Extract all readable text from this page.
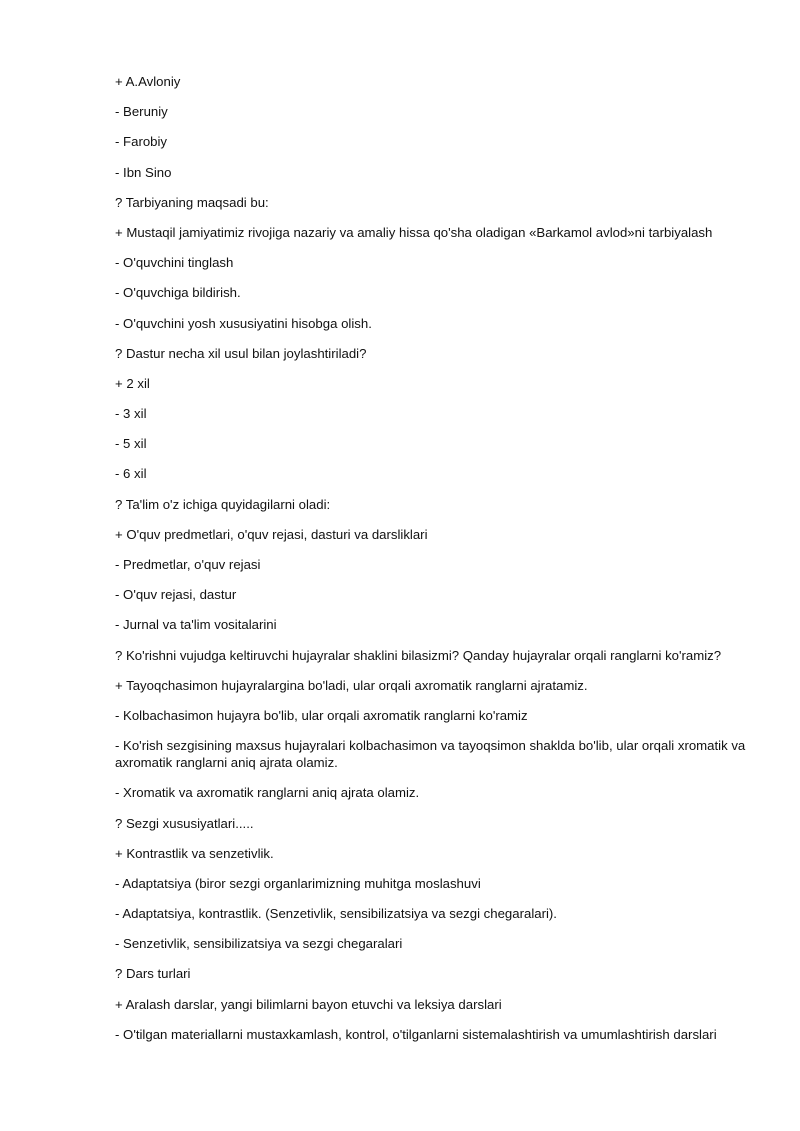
+ A.Avloniy

- Beruniy

- Farobiy

- Ibn Sino

? Tarbiyaning maqsadi bu:

+ Mustaqil jamiyatimiz rivojiga nazariy va amaliy hissa qo'sha oladigan «Barkamol avlod»ni tarbiyalash

- O'quvchini tinglash

- O'quvchiga bildirish.

- O'quvchini yosh xususiyatini hisobga olish.

? Dastur necha xil usul bilan joylashtiriladi?

+ 2 xil

- 3 xil

- 5 xil

- 6 xil

? Ta'lim o'z ichiga quyidagilarni oladi:

+ O'quv predmetlari, o'quv rejasi, dasturi va darsliklari

- Predmetlar, o'quv rejasi

- O'quv rejasi, dastur

- Jurnal va ta'lim vositalarini

? Ko'rishni vujudga keltiruvchi hujayralar shaklini bilasizmi? Qanday hujayralar orqali ranglarni ko'ramiz?

+ Tayoqchasimon hujayralargina bo'ladi, ular orqali axromatik ranglarni ajratamiz.

- Kolbachasimon hujayra bo'lib, ular orqali axromatik ranglarni ko'ramiz

- Ko'rish sezgisining maxsus hujayralari kolbachasimon va tayoqsimon shaklda bo'lib, ular orqali xromatik va axromatik ranglarni aniq ajrata olamiz.

- Xromatik va axromatik ranglarni aniq ajrata olamiz.

? Sezgi xususiyatlari.....

+ Kontrastlik va senzetivlik.

- Adaptatsiya (biror sezgi organlarimizning muhitga moslashuvi

- Adaptatsiya, kontrastlik. (Senzetivlik, sensibilizatsiya va sezgi chegaralari).

- Senzetivlik, sensibilizatsiya va sezgi chegaralari

? Dars turlari

+ Aralash darslar, yangi bilimlarni bayon etuvchi va leksiya darslari

- O'tilgan materiallarni mustaxkamlash, kontrol, o'tilganlarni sistemalashtirish va umumlashtirish darslari
